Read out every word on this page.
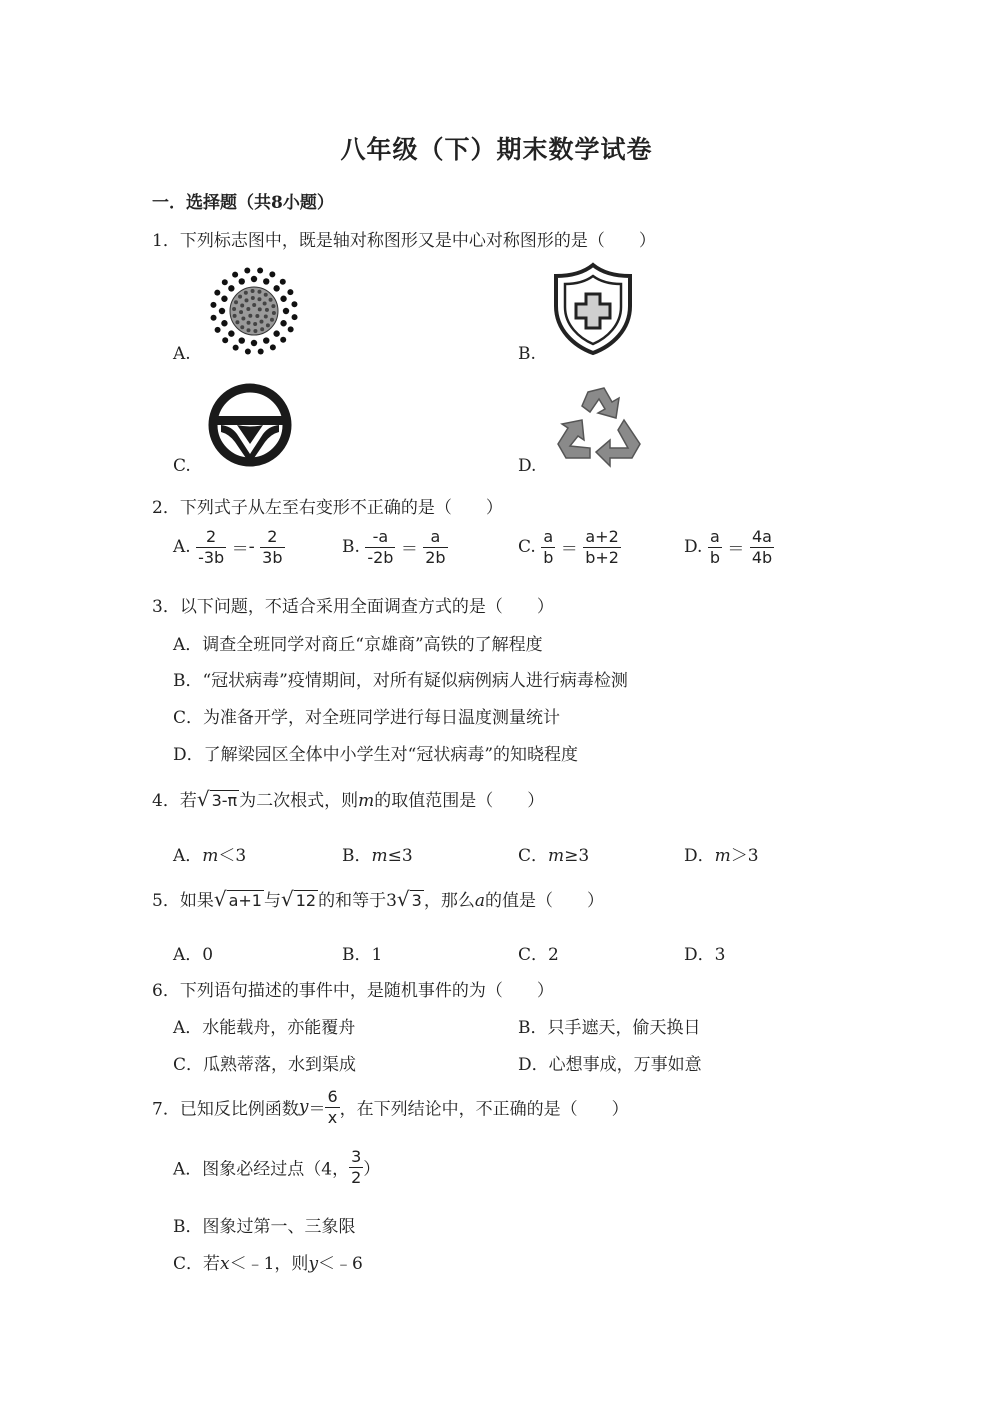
八年级（下）期末数学试卷
一．选择题（共8小题）
1．下列标志图中，既是轴对称图形又是中心对称图形的是（　　）
A.	B.
C.	D.
2．下列式子从左至右变形不正确的是（　　）
A. $\frac{2}{-3b} =- \frac{2}{3b}$	B. $\frac{-a}{-2b} = \frac{a}{2b}$	C. $\frac{a}{b} = \frac{a+2}{b+2}$	D. $\frac{a}{b} = \frac{4a}{4b}$
3．以下问题，不适合采用全面调查方式的是（　　）
A．调查全班同学对商丘“京雄商”高铁的了解程度
B．“冠状病毒”疫情期间，对所有疑似病例病人进行病毒检测
C．为准备开学，对全班同学进行每日温度测量统计
D．了解梁园区全体中小学生对“冠状病毒”的知晓程度
4．若√ 3-π 为二次根式，则m的取值范围是（　　）
A．m＜3	B．m≤3	C．m≥3	D．m＞3
5．如果√ a+1 与√ 12 的和等于3√ 3 ，那么a的值是（　　）
A．0	B．1	C．2	D．3
6．下列语句描述的事件中，是随机事件的为（　　）
A．水能载舟，亦能覆舟	B．只手遮天，偷天换日
C．瓜熟蒂落，水到渠成	D．心想事成，万事如意
7．已知反比例函数$y= \frac{6}{x}$ ，在下列结论中，不正确的是（　　）
A．图象必经过点（4， $\frac{3}{2}$ ）
B．图象过第一、三象限
C．若x＜﹣1，则y＜﹣6
